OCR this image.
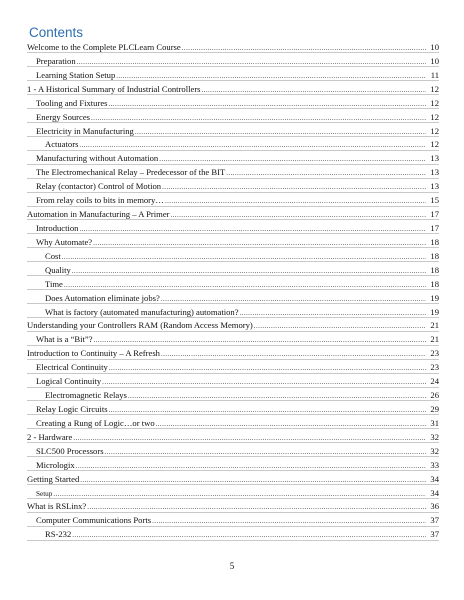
Contents
Welcome to the Complete PLCLearn Course .....	10
Preparation .....	10
Learning Station Setup .....	11
1 - A Historical Summary of Industrial Controllers .....	12
Tooling and Fixtures .....	12
Energy Sources .....	12
Electricity in Manufacturing .....	12
Actuators .....	12
Manufacturing without Automation .....	13
The Electromechanical Relay – Predecessor of the BIT .....	13
Relay (contactor) Control of Motion .....	13
From relay coils to bits in memory… .....	15
Automation in Manufacturing – A Primer .....	17
Introduction .....	17
Why Automate? .....	18
Cost .....	18
Quality .....	18
Time .....	18
Does Automation eliminate jobs? .....	19
What is factory (automated manufacturing) automation? .....	19
Understanding your Controllers RAM (Random Access Memory) .....	21
What is a “Bit”? .....	21
Introduction to Continuity – A Refresh .....	23
Electrical Continuity .....	23
Logical Continuity .....	24
Electromagnetic Relays .....	26
Relay Logic Circuits .....	29
Creating a Rung of Logic…or two .....	31
2 - Hardware .....	32
SLC500 Processors .....	32
Micrologix .....	33
Getting Started .....	34
Setup .....	34
What is RSLinx? .....	36
Computer Communications Ports .....	37
RS-232 .....	37
5
